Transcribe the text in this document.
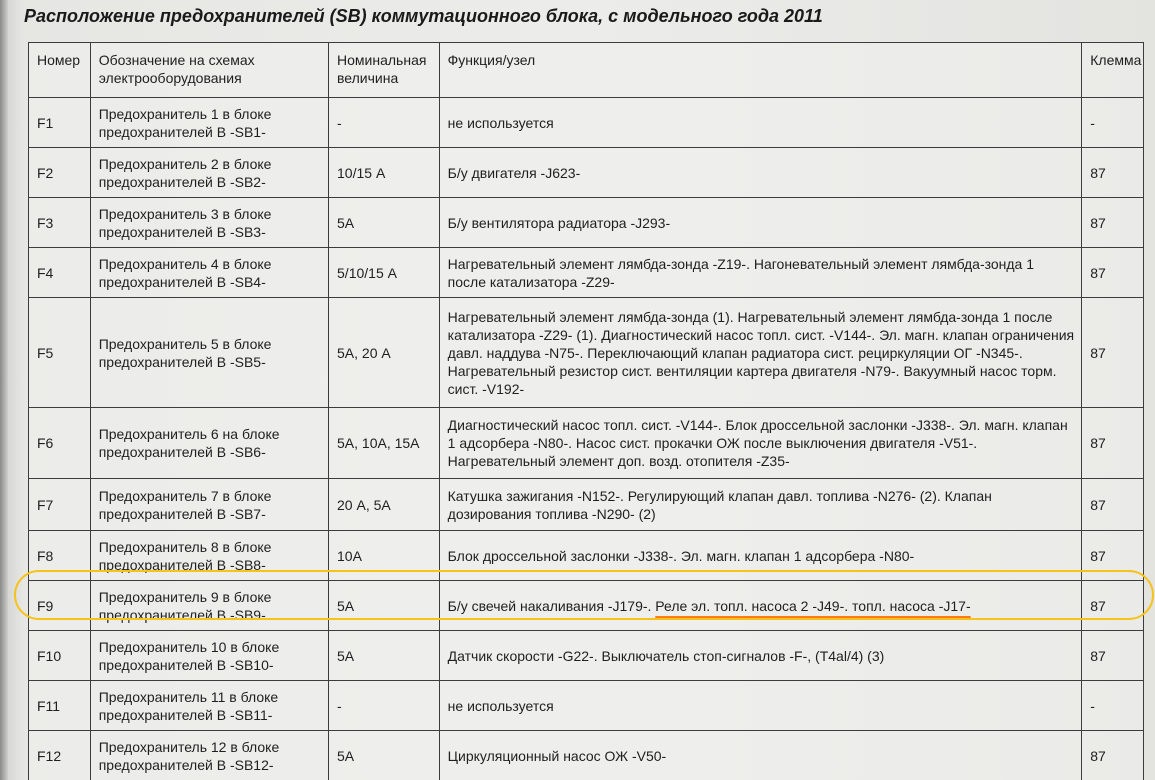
Расположение предохранителей (SB) коммутационного блока, с модельного года 2011
Номер	Обозначение на схемах электрооборудования	Номинальная величина	Функция/узел	Клемма
F1	Предохранитель 1 в блоке предохранителей В -SB1-	-	не используется	-
F2	Предохранитель 2 в блоке предохранителей В -SB2-	10/15 А	Б/у двигателя -J623-	87
F3	Предохранитель 3 в блоке предохранителей В -SB3-	5А	Б/у вентилятора радиатора -J293-	87
F4	Предохранитель 4 в блоке предохранителей В -SB4-	5/10/15 А	Нагревательный элемент лямбда-зонда -Z19-. Нагоневательный элемент лямбда-зонда 1 после катализатора -Z29-	87
F5	Предохранитель 5 в блоке предохранителей В -SB5-	5А, 20 А	Нагревательный элемент лямбда-зонда (1). Нагревательный элемент лямбда-зонда 1 после катализатора -Z29- (1). Диагностический насос топл. сист. -V144-. Эл. магн. клапан ограничения давл. наддува -N75-. Переключающий клапан радиатора сист. рециркуляции ОГ -N345-. Нагревательный резистор сист. вентиляции картера двигателя -N79-. Вакуумный насос торм. сист. -V192-	87
F6	Предохранитель 6 на блоке предохранителей В -SB6-	5А, 10А, 15А	Диагностический насос топл. сист. -V144-. Блок дроссельной заслонки -J338-. Эл. магн. клапан 1 адсорбера -N80-. Насос сист. прокачки ОЖ после выключения двигателя -V51-. Нагревательный элемент доп. возд. отопителя -Z35-	87
F7	Предохранитель 7 в блоке предохранителей В -SB7-	20 А, 5А	Катушка зажигания -N152-. Регулирующий клапан давл. топлива -N276- (2). Клапан дозирования топлива -N290- (2)	87
F8	Предохранитель 8 в блоке предохранителей В -SB8-	10А	Блок дроссельной заслонки -J338-. Эл. магн. клапан 1 адсорбера -N80-	87
F9	Предохранитель 9 в блоке предохранителей В -SB9-	5А	Б/у свечей накаливания -J179-. Реле эл. топл. насоса 2 -J49-. топл. насоса -J17-	87
F10	Предохранитель 10 в блоке предохранителей В -SB10-	5А	Датчик скорости -G22-. Выключатель стоп-сигналов -F-, (T4al/4) (3)	87
F11	Предохранитель 11 в блоке предохранителей В -SB11-	-	не используется	-
F12	Предохранитель 12 в блоке предохранителей В -SB12-	5А	Циркуляционный насос ОЖ -V50-	87
